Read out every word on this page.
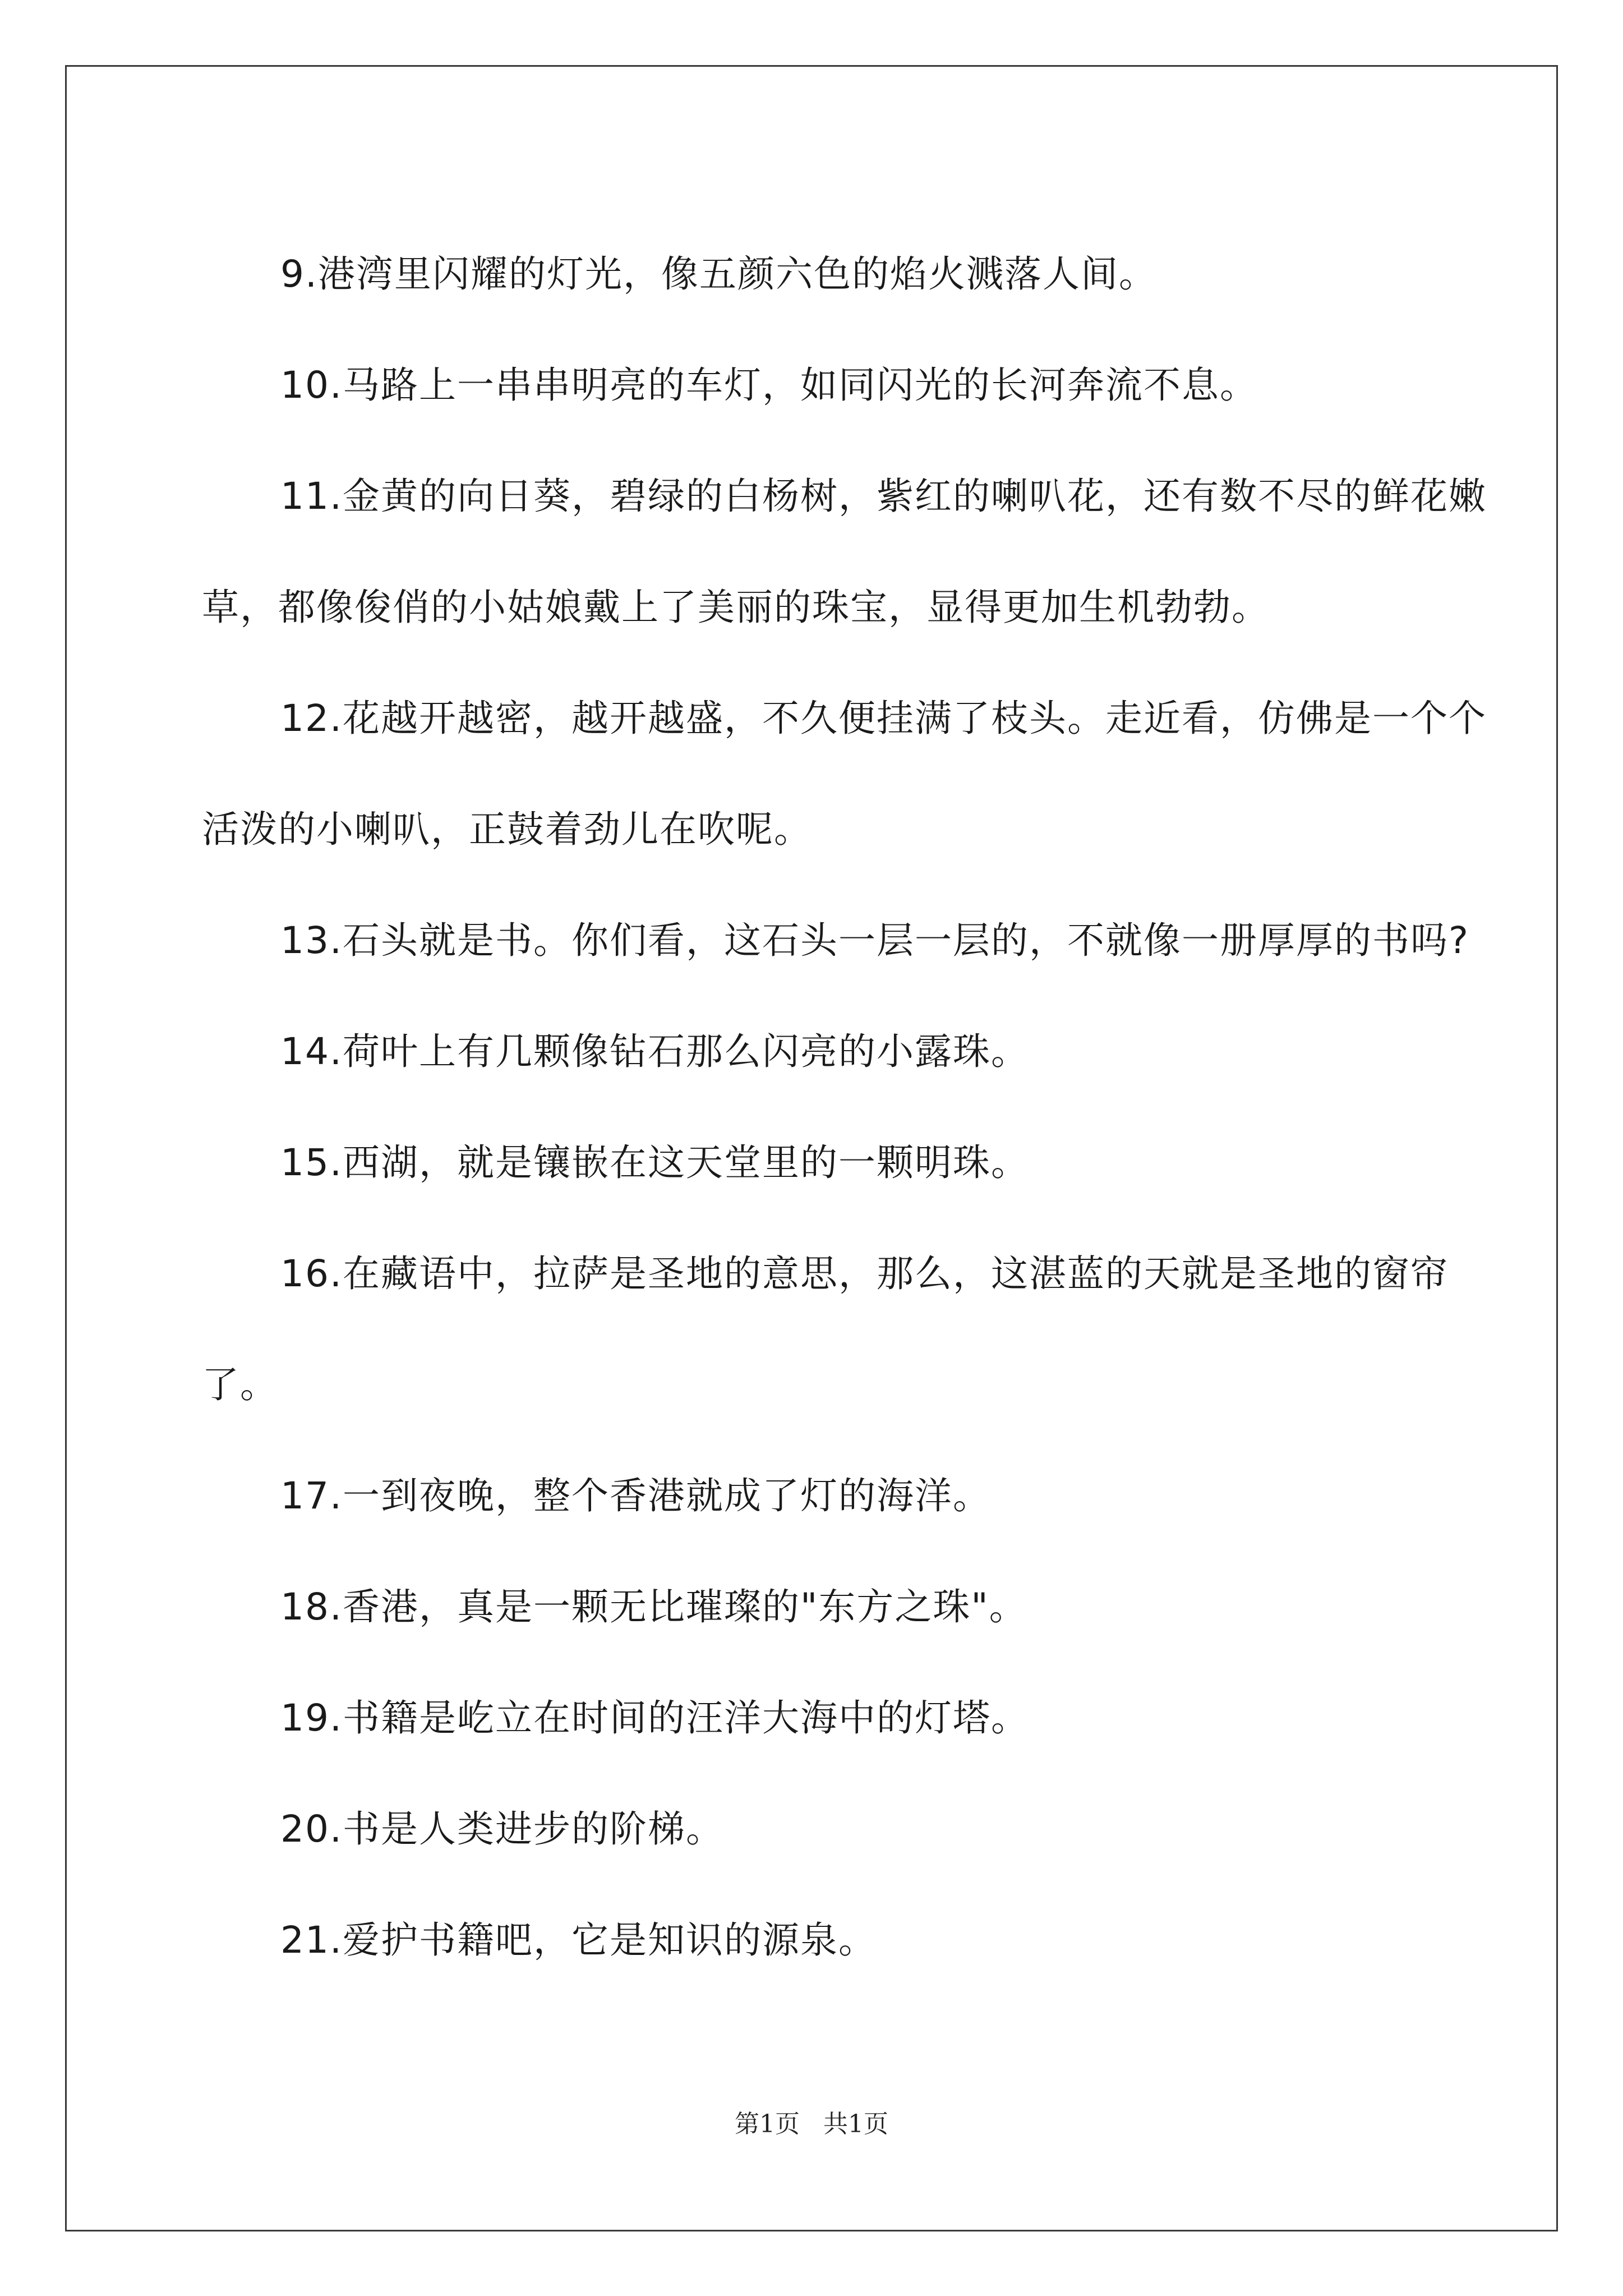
9.港湾里闪耀的灯光，像五颜六色的焰火溅落人间。

10.马路上一串串明亮的车灯，如同闪光的长河奔流不息。

11.金黄的向日葵，碧绿的白杨树，紫红的喇叭花，还有数不尽的鲜花嫩草，都像俊俏的小姑娘戴上了美丽的珠宝，显得更加生机勃勃。

12.花越开越密，越开越盛，不久便挂满了枝头。走近看，仿佛是一个个活泼的小喇叭，正鼓着劲儿在吹呢。

13.石头就是书。你们看，这石头一层一层的，不就像一册厚厚的书吗?

14.荷叶上有几颗像钻石那么闪亮的小露珠。

15.西湖，就是镶嵌在这天堂里的一颗明珠。

16.在藏语中，拉萨是圣地的意思，那么，这湛蓝的天就是圣地的窗帘了。

17.一到夜晚，整个香港就成了灯的海洋。

18.香港，真是一颗无比璀璨的"东方之珠"。

19.书籍是屹立在时间的汪洋大海中的灯塔。

20.书是人类进步的阶梯。

21.爱护书籍吧，它是知识的源泉。

第1页 共1页
